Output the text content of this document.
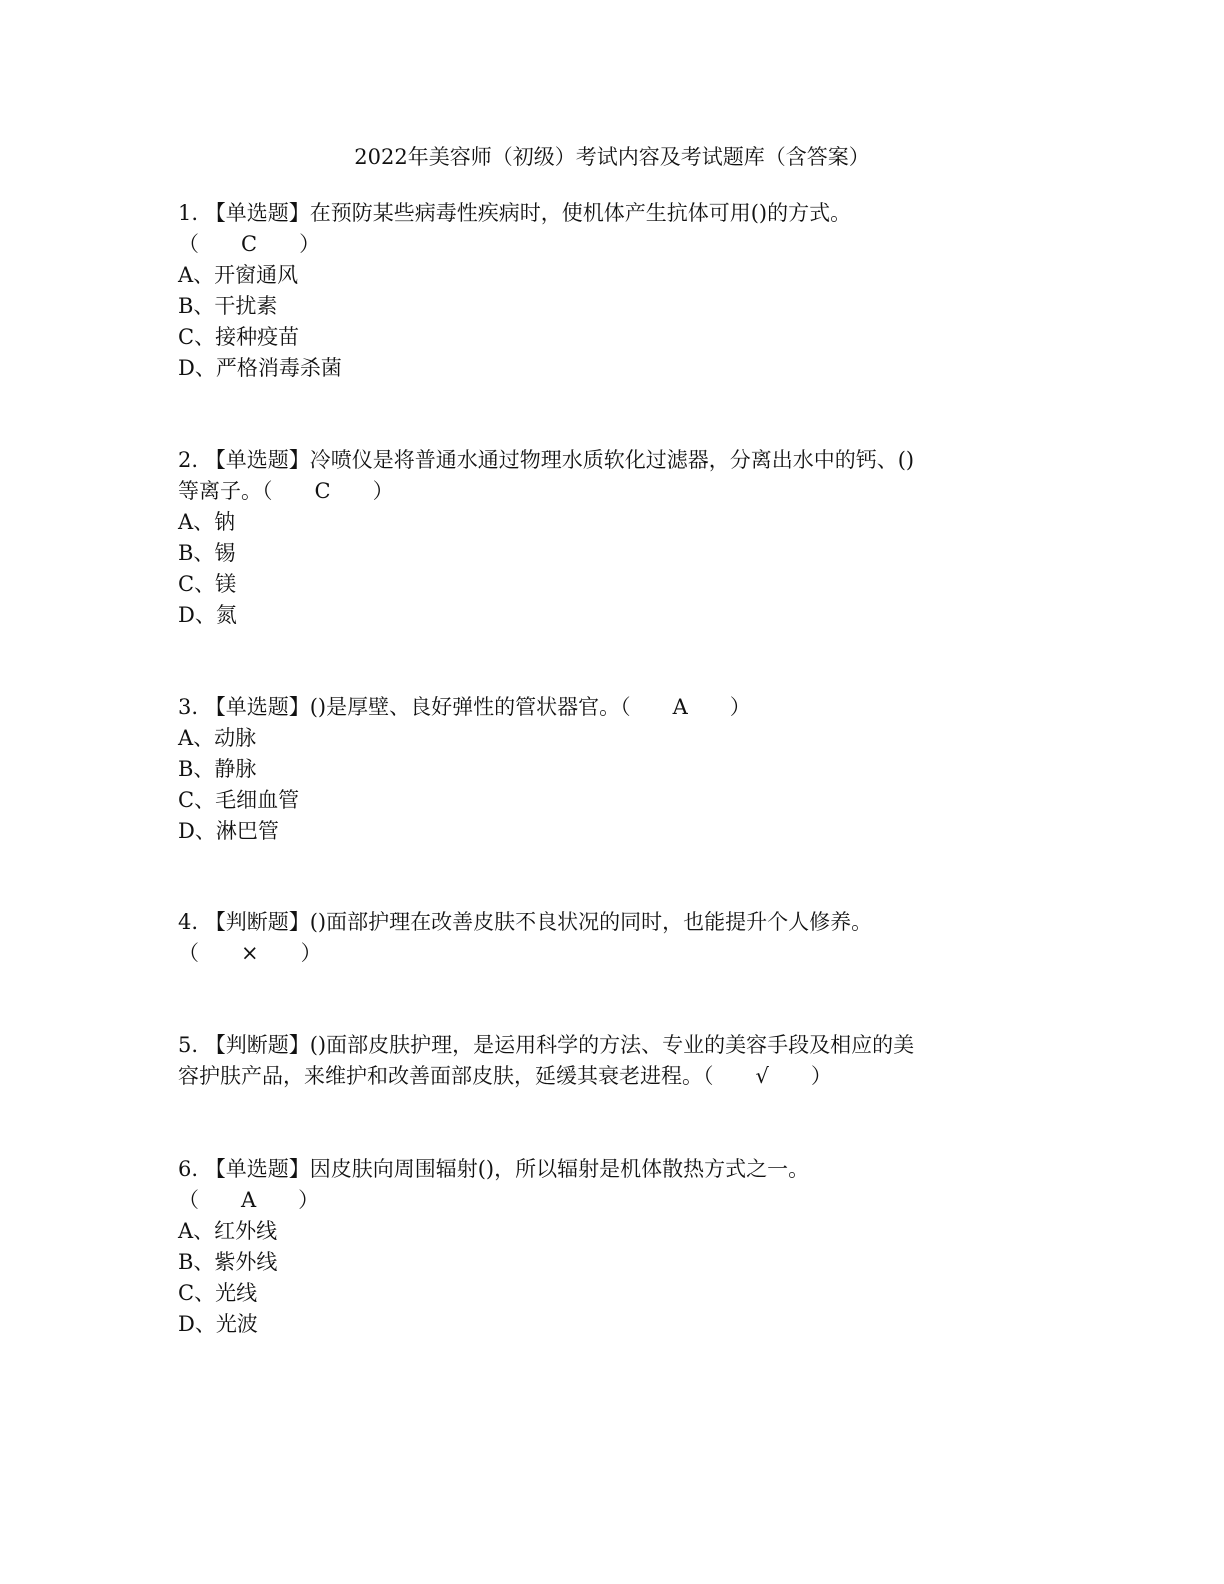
2022年美容师（初级）考试内容及考试题库（含答案）

1. 【单选题】在预防某些病毒性疾病时，使机体产生抗体可用()的方式。

（　　C　　）

A、开窗通风

B、干扰素

C、接种疫苗

D、严格消毒杀菌

2. 【单选题】冷喷仪是将普通水通过物理水质软化过滤器，分离出水中的钙、()

等离子。（　　C　　）

A、钠

B、锡

C、镁

D、氮

3. 【单选题】()是厚壁、良好弹性的管状器官。（　　A　　）

A、动脉

B、静脉

C、毛细血管

D、淋巴管

4. 【判断题】()面部护理在改善皮肤不良状况的同时，也能提升个人修养。

（　　×　　）

5. 【判断题】()面部皮肤护理，是运用科学的方法、专业的美容手段及相应的美

容护肤产品，来维护和改善面部皮肤，延缓其衰老进程。（　　√　　）

6. 【单选题】因皮肤向周围辐射()，所以辐射是机体散热方式之一。

（　　A　　）

A、红外线

B、紫外线

C、光线

D、光波
